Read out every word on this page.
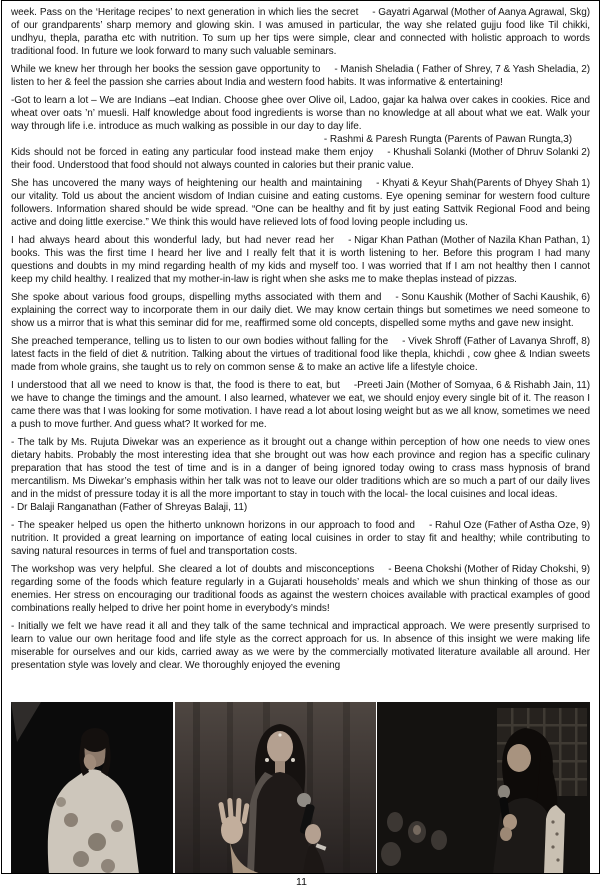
- Gayatri Agarwal (Mother of Aanya Agrawal, Skg)
week. Pass on the ‘Heritage recipes’ to next generation in which lies the secret of our grandparents’ sharp memory and glowing skin. I was amused in particular, the way she related gujju food like Til chikki, undhyu, thepla, paratha etc with nutrition. To sum up her tips were simple, clear and connected with holistic approach to words traditional food. In future we look forward to many such valuable seminars.
- Manish Sheladia ( Father of Shrey, 7 & Yash Sheladia, 2)
While we knew her through her books the session gave opportunity to listen to her & feel the passion she carries about India and western food habits. It was informative & entertaining!
-Got to learn a lot – We are Indians –eat Indian. Choose ghee over Olive oil, Ladoo, gajar ka halwa over cakes in cookies. Rice and wheat over oats ’n’ muesli. Half knowledge about food ingredients is worse than no knowledge at all about what we eat. Walk your way through life i.e. introduce as much walking as possible in our day to day life.
- Rashmi & Paresh Rungta (Parents of Pawan Rungta,3)
- Khushali Solanki (Mother of Dhruv Solanki 2)
Kids should not be forced in eating any particular food instead make them enjoy their food. Understood that food should not always counted in calories but their pranic value.
- Khyati & Keyur Shah(Parents of Dhyey Shah 1)
She has uncovered the many ways of heightening our health and maintaining our vitality. Told us about the ancient wisdom of Indian cuisine and eating customs. Eye opening seminar for western food culture followers. Information shared should be wide spread. “One can be healthy and fit by just eating Sattvik Regional Food and being active and doing little exercise.” We think this would have relieved lots of food loving people including us.
- Nigar Khan Pathan (Mother of Nazila Khan Pathan, 1)
I had always heard about this wonderful lady, but had never read her books. This was the first time I heard her live and I really felt that it is worth listening to her. Before this program I had many questions and doubts in my mind regarding health of my kids and myself too. I was worried that If I am not healthy then I cannot keep my child healthy. I realized that my mother-in-law is right when she asks me to make theplas instead of pizzas.
- Sonu Kaushik (Mother of Sachi Kaushik, 6)
She spoke about various food groups, dispelling myths associated with them and explaining the correct way to incorporate them in our daily diet. We may know certain things but sometimes we need someone to show us a mirror that is what this seminar did for me, reaffirmed some old concepts, dispelled some myths and gave new insight.
- Vivek Shroff (Father of Lavanya Shroff, 8)
She preached temperance, telling us to listen to our own bodies without falling for the latest facts in the field of diet & nutrition. Talking about the virtues of traditional food like thepla, khichdi , cow ghee & Indian sweets made from whole grains, she taught us to rely on common sense & to make an active life a lifestyle choice.
-Preeti Jain (Mother of Somyaa, 6 & Rishabh Jain, 11)
I understood that all we need to know is that, the food is there to eat, but we have to change the timings and the amount. I also learned, whatever we eat, we should enjoy every single bit of it. The reason I came there was that I was looking for some motivation. I have read a lot about losing weight but as we all know, sometimes we need a push to move further. And guess what? It worked for me.
- The talk by Ms. Rujuta Diwekar was an experience as it brought out a change within perception of how one needs to view ones dietary habits. Probably the most interesting idea that she brought out was how each province and region has a specific culinary preparation that has stood the test of time and is in a danger of being ignored today owing to crass mass hypnosis of brand mercantilism. Ms Diwekar’s emphasis within her talk was not to leave our older traditions which are so much a part of our daily lives and in the midst of pressure today it is all the more important to stay in touch with the local- the local cuisines and local ideas.
- Dr Balaji Ranganathan (Father of Shreyas Balaji, 11)
- Rahul Oze (Father of Astha Oze, 9)
- The speaker helped us open the hitherto unknown horizons in our approach to food and nutrition. It provided a great learning on importance of eating local cuisines in order to stay fit and healthy; while contributing to saving natural resources in terms of fuel and transportation costs.
- Beena Chokshi (Mother of Riday Chokshi, 9)
The workshop was very helpful. She cleared a lot of doubts and misconceptions regarding some of the foods which feature regularly in a Gujarati households’ meals and which we shun thinking of those as our enemies. Her stress on encouraging our traditional foods as against the western choices available with practical examples of good combinations really helped to drive her point home in everybody’s minds!
- Initially we felt we have read it all and they talk of the same technical and impractical approach. We were presently surprised to learn to value our own heritage food and life style as the correct approach for us. In absence of this insight we were making life miserable for ourselves and our kids, carried away as we were by the commercially motivated literature available all around. Her presentation style was lovely and clear. We thoroughly enjoyed the evening
11
